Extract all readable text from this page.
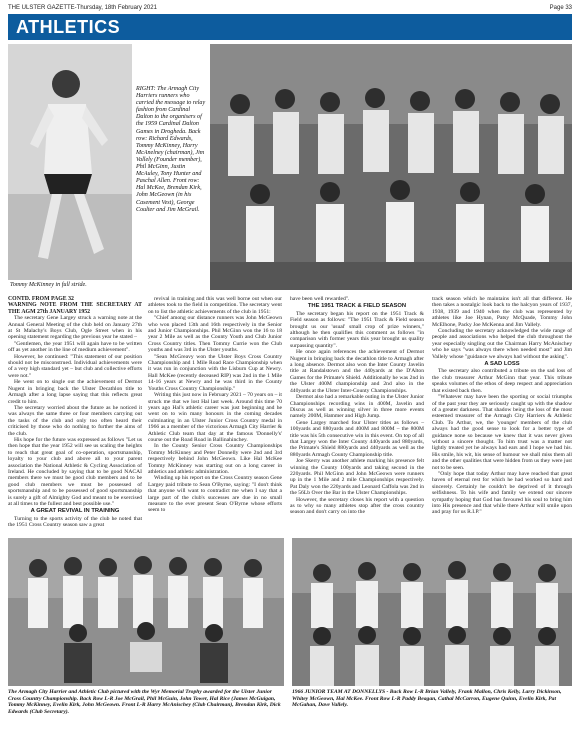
THE ULSTER GAZETTE-Thursday, 18th February 2021	Page 33
ATHLETICS
Tommy McKinney in full stride.
RIGHT: The Armagh City Harriers runners who carried the message to relay fashion from Cardinal Dalton to the organisers of the 1959 Cardinal Dalton Games in Drogheda. Back row: Richard Edwards, Tommy McKinney, Harry McAnelney (chairman), Jim Vallely (Founder member), Phil McGinn, Justin McAuley, Tony Hunter and Paschal Allen. Front row: Hal McKee, Brendan Kirk, John McGeown (in his Casement Vest), George Coulter and Jim McGrail.

CONTD. FROM PAGE 32

WARNING NOTE FROM THE SECRETARY AT THE AGM 27th JANUARY 1952

The secretary Gene Largey struck a warning note at the Annual General Meeting of the club held on January 27th at St Malachy's Boys Club, Ogle Street when in his opening statement regarding the previous year he stated –

"Gentlemen, the year 1951 will again have to be written off as yet another in the line of medium achievement".

However, he continued: "This statement of our position should not be misconstrued. Individual achievements were of a very high standard yet – but club and collective efforts were not."

He went on to single out the achievement of Dermot Nugent in bringing back the Ulster Decathlon title to Armagh after a long lapse saying that this reflects great credit to him.

The secretary worried about the future as he noticed it was always the same three or four members carrying out the tasks of the club and only too often heard their criticised by those who do nothing to further the aims of the club.

His hope for the future was expressed as follows "Let us then hope that the year 1952 will see us scaling the heights to reach that great goal of co-operation, sportsmanship, loyalty to your club and above all to your parent association the National Athletic & Cycling Association of Ireland. He concluded by saying that to be good NACAI members there we must be good club members and to be good club members we must be possessed of sportsmanship and to be possessed of good sportsmanship is surely a gift of Almighty God and meant to be exercised at all times to the fullest and best possible use."

A GREAT REVIVAL IN TRAINING

Turning to the sports activity of the club he noted that the 1951 Cross Country season saw a great

revival in training and this was well borne out when our athletes took to the field in competition. The secretary went on to list the athletic achievements of the club in 1951:

"Chief among our distance runners was John McGeown who won placed 13th and 16th respectively in the Senior and Junior Championships. Phil McGinn won the 16 to 18 year 2 Mile as well as the County Youth and Club Junior Cross Country titles. Then Tommy Currie won the Club youths and was 3rd in the Ulster youths.

"Sean McGreavy won the Ulster Boys Cross Country Championship and 1 Mile Road Race Championship when it was run in conjunction with the Lisburn Cup at Newry. Hall McKee (recently deceased RIP) was 2nd in the 1 Mile 14-16 years at Newry and he was third in the County Youths Cross Country Championship."

Writing this just now in February 2021 – 70 years on – it struck me that we lost Hal last week. Around this time 70 years ago Hal's athletic career was just beginning and he went on to win many honours in the coming decades culminating in an Ulster Junior Cross Country medal in 1966 as a member of the victorious Armagh City Harrier & Athletic Club team that day at the famous 'Donnelly's' course out the Road Road in Ballinahinchey.

In the County Senior Cross Country Championships Tommy McKinney and Peter Donnelly were 2nd and 3rd respectively behind John McGeown. Like Hal McKee Tommy McKinney was starting out on a long career in athletics and athletic administration.

Winding up his report on the Cross Country season Gene Largey paid tribute to Sean O'Byrne, saying: "I don't think that anyone will want to contradict me when I say that a large part of the club's successes are due in no small measure to the ever present Sean O'Byrne whose efforts seem to

have been well rewarded".

THE 1951 TRACK & FIELD SEASON

The secretary began his report on the 1951 Track & Field season as follows: "The 1951 Track & Field season brought us our 'usual' small crop of prize winners," although he then qualifies this comment as follows "in comparison with former years this year brought us quality surpassing quantity".

He once again references the achievement of Dermot Nugent in bringing back the decathlon title to Armagh after a long absence. Dermot also won the Inter County Javelin title at Randalstown and the 440yards at the D'Alton Games for the Primate's Shield. Additionally he was 2nd in the Ulster 400M championship and 2nd also in the 440yards at the Ulster Inter-County Championships.

Dermot also had a remarkable outing in the Ulster Junior Championships recording wins in 400M, Javelin and Discus as well as winning silver in three more events namely 200M, Hammer and High Jump.

Gene Largey marched four Ulster titles as follows – 100yards and 880yards and 400M and 800M – the 800M title was his 5th consecutive win in this event. On top of all that Largey won the Inter County 440yards and 880yards, the Primate's Shield 880yards and 440yards as well as the 880yards Armagh County Championship title.

Joe Skerry was another athlete marking his presence felt winning the County 100yards and taking second in the 220yards. Phil McGinn and John McGeown were runners up in the 1 Mile and 2 mile Championships respectively. Pat Daly won the 220yards and Leonard Caffola was 2nd in the 56Lb Over the Bar in the Ulster Championships.

However, the secretary closes his report with a question as to why so many athletes stop after the cross country season and don't carry on into the

track season which he maintains isn't all that different. He then takes a nostalgic look back to the halcyon years of 1937, 1938, 1939 and 1940 when the club was represented by athletes like Joe Hynan, Patsy McQuade, Tommy John McElhone, Packy Joe McKenna and Jim Vallely.

Concluding the secretary acknowledged the wide range of people and associations who helped the club throughout the year especially singling out the Chairman Harry McAnischey who he says "was always there when needed most" and Jim Vallely whose "guidance we always had without the asking".

A SAD LOSS

The secretary also contributed a tribute on the sad loss of the club treasurer Arthur McGinn that year. This tribute speaks volumes of the ethos of deep respect and appreciation that existed back then.

"Whatever may have been the sporting or social triumphs of the past year they are seriously caught up with the shadow of a greater darkness. That shadow being the loss of the most esteemed treasurer of the Armagh City Harriers & Athletic Club. To Arthur, we, the 'younger' members of the club always had the good sense to look for a better type of guidance none so because we knew that it was never given without a sincere thought. To him trust was a matter not lightly treated yet he always had ears and I hope we had his. His smile, his wit, his sense of humour we shall miss them all and the other qualities that were hidden from us they were just not to be seen.

"Only hope that today Arthur may have reached that great haven of eternal rest for which he had worked so hard and sincerely. Certainly he couldn't be deprived of it through selfishness. To his wife and family we extend our sincere sympathy hoping that God has favoured his soul to bring him into His presence and that while there Arthur will smile upon and pray for us R.I.P."

The Armagh City Harrier and Athletic Club pictured with the Wyr Memorial Trophy awarded for the Ulster Junior Cross Country Championship. Back Row L-R Joe McGrail, Phil McGuin, John Tower, Hal Rice (James McGuigan, Tommy McKinney, Evelin Kirk, John McGeown. Front L-R Harry McAnischey (Club Chairman), Brendan Kirk, Dick Edwards (Club Secretary).
1966 JUNIOR TEAM AT DONNELLYS - Back Row L-R Brian Vallely, Frank Mallon, Chris Kelly, Larry Dickinson, Whitey McGeown, Hal McKee. Front Row L-R Paddy Beagan, Cathal McCarron, Eugene Quinn, Evelin Kirk, Pat McGahan, Dave Vallely.
